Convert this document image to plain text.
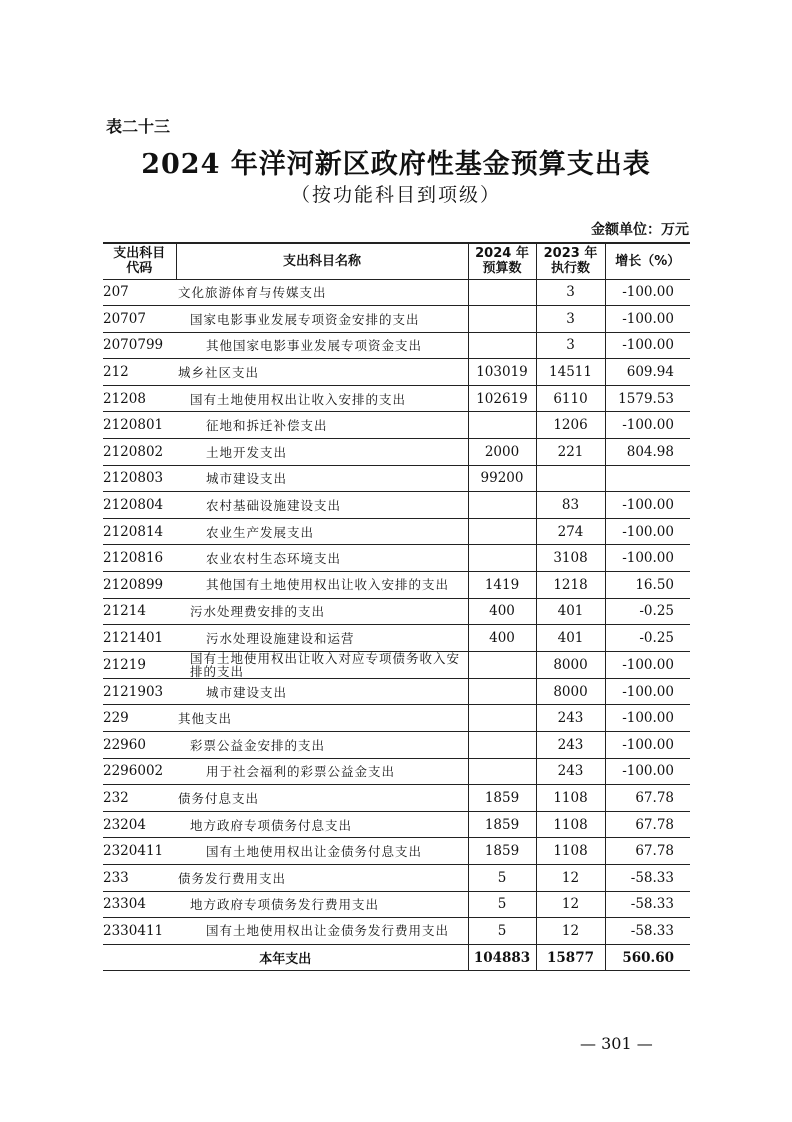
表二十三
2024 年洋河新区政府性基金预算支出表
（按功能科目到项级）
金额单位：万元
支出科目代码	支出科目名称	2024 年预算数	2023 年执行数	增长（%）
207	文化旅游体育与传媒支出		3	-100.00
20707	国家电影事业发展专项资金安排的支出		3	-100.00
2070799	其他国家电影事业发展专项资金支出		3	-100.00
212	城乡社区支出	103019	14511	609.94
21208	国有土地使用权出让收入安排的支出	102619	6110	1579.53
2120801	征地和拆迁补偿支出		1206	-100.00
2120802	土地开发支出	2000	221	804.98
2120803	城市建设支出	99200		
2120804	农村基础设施建设支出		83	-100.00
2120814	农业生产发展支出		274	-100.00
2120816	农业农村生态环境支出		3108	-100.00
2120899	其他国有土地使用权出让收入安排的支出	1419	1218	16.50
21214	污水处理费安排的支出	400	401	-0.25
2121401	污水处理设施建设和运营	400	401	-0.25
21219	国有土地使用权出让收入对应专项债务收入安排的支出		8000	-100.00
2121903	城市建设支出		8000	-100.00
229	其他支出		243	-100.00
22960	彩票公益金安排的支出		243	-100.00
2296002	用于社会福利的彩票公益金支出		243	-100.00
232	债务付息支出	1859	1108	67.78
23204	地方政府专项债务付息支出	1859	1108	67.78
2320411	国有土地使用权出让金债务付息支出	1859	1108	67.78
233	债务发行费用支出	5	12	-58.33
23304	地方政府专项债务发行费用支出	5	12	-58.33
2330411	国有土地使用权出让金债务发行费用支出	5	12	-58.33
本年支出		104883	15877	560.60
— 301 —
